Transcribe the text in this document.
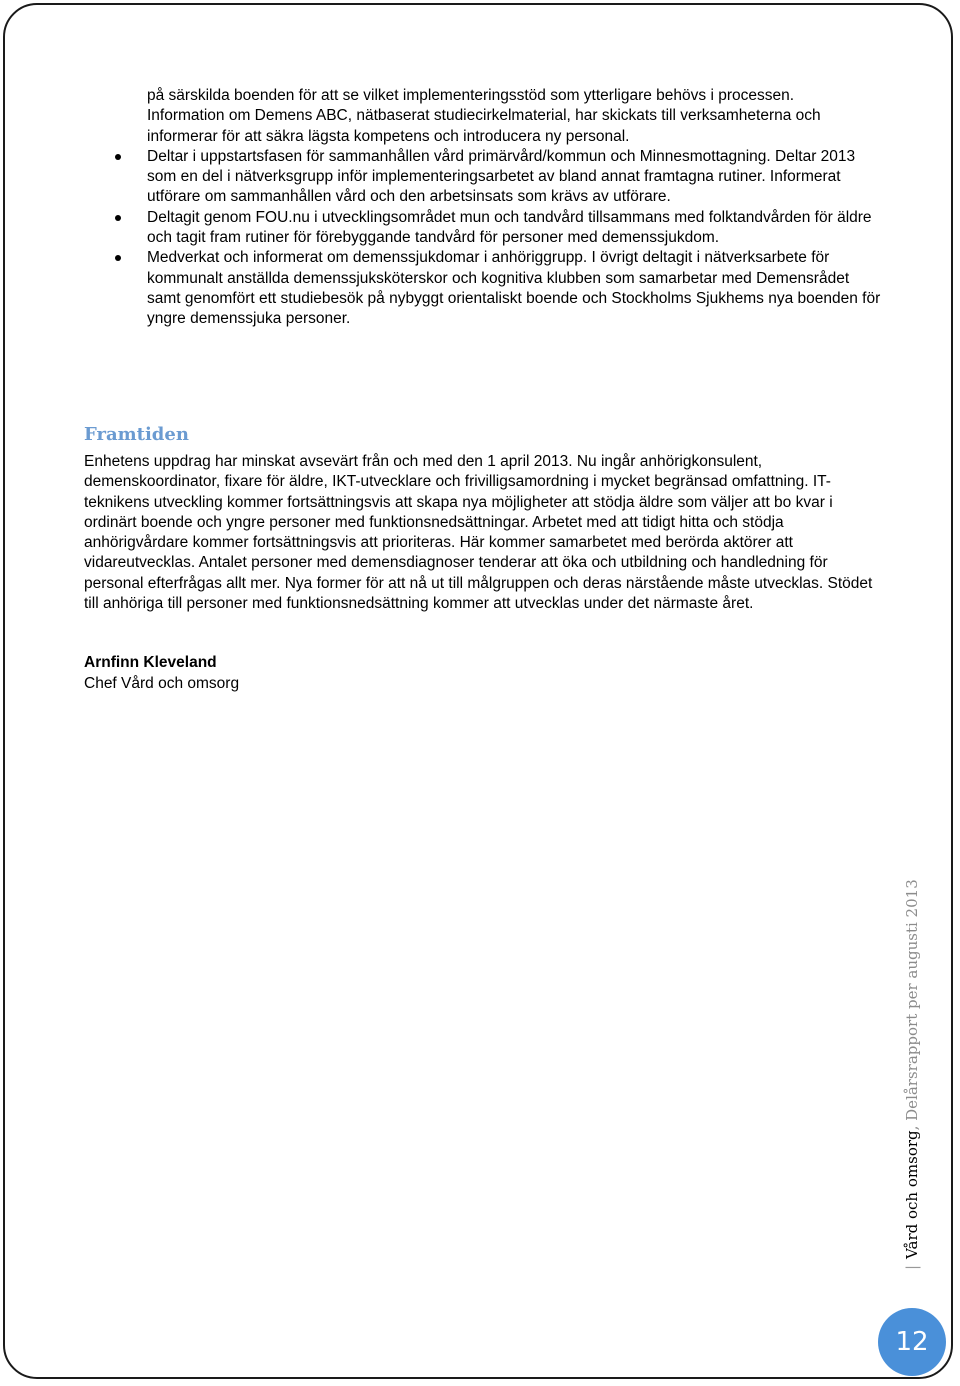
på särskilda boenden för att se vilket implementeringsstöd som ytterligare behövs i processen.

Information om Demens ABC, nätbaserat studiecirkelmaterial, har skickats till verksamheterna och informerar för att säkra lägsta kompetens och introducera ny personal.

Deltar i uppstartsfasen för sammanhållen vård primärvård/kommun och Minnesmottagning. Deltar 2013 som en del i nätverksgrupp inför implementeringsarbetet av bland annat framtagna rutiner. Informerat utförare om sammanhållen vård och den arbetsinsats som krävs av utförare.
Deltagit genom FOU.nu i utvecklingsområdet mun och tandvård tillsammans med folktandvården för äldre och tagit fram rutiner för förebyggande tandvård för personer med demenssjukdom.
Medverkat och informerat om demenssjukdomar i anhöriggrupp. I övrigt deltagit i nätverksarbete för kommunalt anställda demenssjuksköterskor och kognitiva klubben som samarbetar med Demensrådet samt genomfört ett studiebesök på nybyggt orientaliskt boende och Stockholms Sjukhems nya boenden för yngre demenssjuka personer.
Framtiden

Enhetens uppdrag har minskat avsevärt från och med den 1 april 2013. Nu ingår anhörigkonsulent, demenskoordinator, fixare för äldre, IKT-utvecklare och frivilligsamordning i mycket begränsad omfattning. IT-teknikens utveckling kommer fortsättningsvis att skapa nya möjligheter att stödja äldre som väljer att bo kvar i ordinärt boende och yngre personer med funktionsnedsättningar. Arbetet med att tidigt hitta och stödja anhörigvårdare kommer fortsättningsvis att prioriteras. Här kommer samarbetet med berörda aktörer att vidareutvecklas. Antalet personer med demensdiagnoser tenderar att öka och utbildning och handledning för personal efterfrågas allt mer. Nya former för att nå ut till målgruppen och deras närstående måste utvecklas. Stödet till anhöriga till personer med funktionsnedsättning kommer att utvecklas under det närmaste året.

Arnfinn Kleveland
Chef Vård och omsorg
|Vård och omsorg, Delårsrapport per augusti 2013
12
